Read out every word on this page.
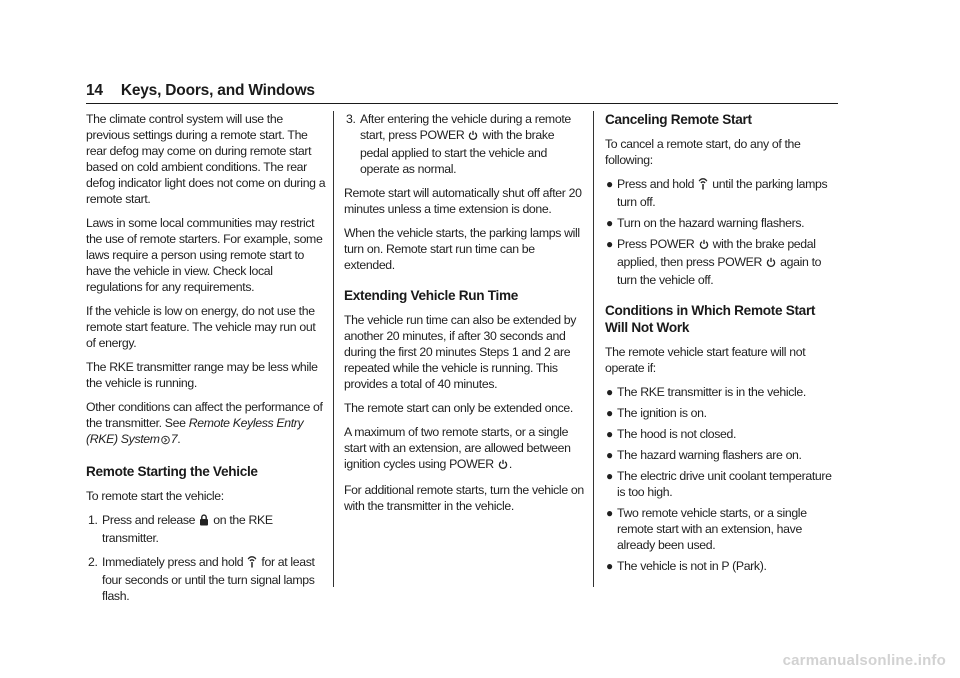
14 Keys, Doors, and Windows

The climate control system will use the previous settings during a remote start. The rear defog may come on during remote start based on cold ambient conditions. The rear defog indicator light does not come on during a remote start.

Laws in some local communities may restrict the use of remote starters. For example, some laws require a person using remote start to have the vehicle in view. Check local regulations for any requirements.

If the vehicle is low on energy, do not use the remote start feature. The vehicle may run out of energy.

The RKE transmitter range may be less while the vehicle is running.

Other conditions can affect the performance of the transmitter. See Remote Keyless Entry (RKE) System 7.

Remote Starting the Vehicle

To remote start the vehicle:

1. Press and release  on the RKE transmitter.
2. Immediately press and hold  for at least four seconds or until the turn signal lamps flash.
3. After entering the vehicle during a remote start, press POWER  with the brake pedal applied to start the vehicle and operate as normal.

Remote start will automatically shut off after 20 minutes unless a time extension is done.

When the vehicle starts, the parking lamps will turn on. Remote start run time can be extended.

Extending Vehicle Run Time

The vehicle run time can also be extended by another 20 minutes, if after 30 seconds and during the first 20 minutes Steps 1 and 2 are repeated while the vehicle is running. This provides a total of 40 minutes.

The remote start can only be extended once.

A maximum of two remote starts, or a single start with an extension, are allowed between ignition cycles using POWER .

For additional remote starts, turn the vehicle on with the transmitter in the vehicle.

Canceling Remote Start

To cancel a remote start, do any of the following:

● Press and hold  until the parking lamps turn off.
● Turn on the hazard warning flashers.
● Press POWER  with the brake pedal applied, then press POWER  again to turn the vehicle off.
Conditions in Which Remote Start Will Not Work

The remote vehicle start feature will not operate if:

● The RKE transmitter is in the vehicle.
● The ignition is on.
● The hood is not closed.
● The hazard warning flashers are on.
● The electric drive unit coolant temperature is too high.
● Two remote vehicle starts, or a single remote start with an extension, have already been used.
● The vehicle is not in P (Park).
carmanualsonline.info
